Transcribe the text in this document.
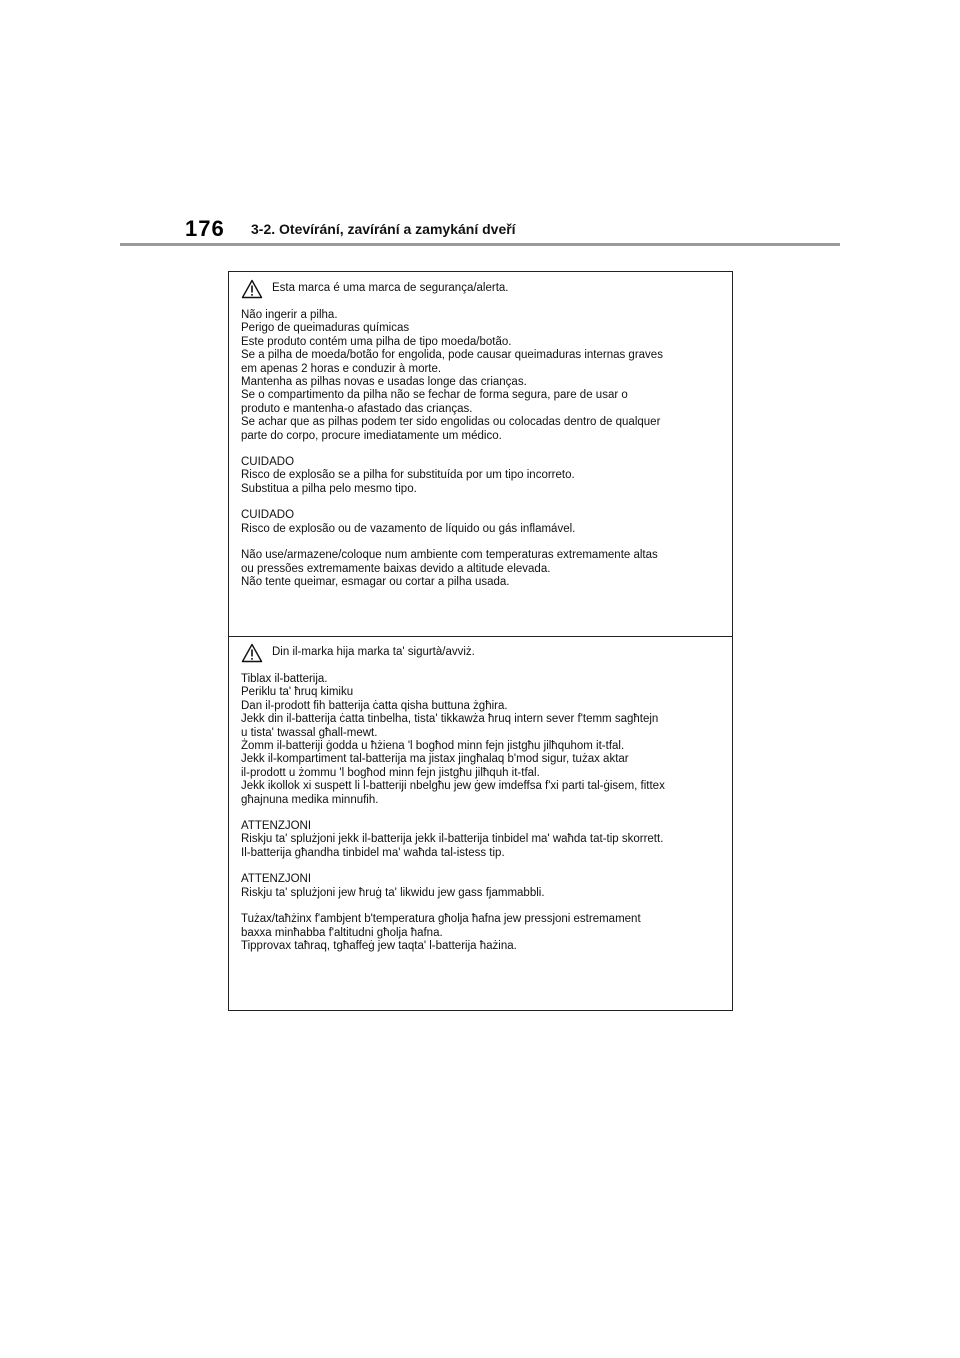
176	3-2. Otevírání, zavírání a zamykání dveří
Esta marca é uma marca de segurança/alerta.
Não ingerir a pilha.
Perigo de queimaduras químicas
Este produto contém uma pilha de tipo moeda/botão.
Se a pilha de moeda/botão for engolida, pode causar queimaduras internas graves
em apenas 2 horas e conduzir à morte.
Mantenha as pilhas novas e usadas longe das crianças.
Se o compartimento da pilha não se fechar de forma segura, pare de usar o
produto e mantenha-o afastado das crianças.
Se achar que as pilhas podem ter sido engolidas ou colocadas dentro de qualquer
parte do corpo, procure imediatamente um médico.
CUIDADO
Risco de explosão se a pilha for substituída por um tipo incorreto.
Substitua a pilha pelo mesmo tipo.
CUIDADO
Risco de explosão ou de vazamento de líquido ou gás inflamável.
Não use/armazene/coloque num ambiente com temperaturas extremamente altas
ou pressões extremamente baixas devido a altitude elevada.
Não tente queimar, esmagar ou cortar a pilha usada.
Din il-marka hija marka ta' sigurtà/avviż.
Tiblax il-batterija.
Periklu ta' ħruq kimiku
Dan il-prodott fih batterija ċatta qisha buttuna żgħira.
Jekk din il-batterija ċatta tinbelha, tista' tikkawża ħruq intern sever f'temm sagħtejn
u tista' twassal għall-mewt.
Żomm il-batteriji ġodda u ħżiena 'l bogħod minn fejn jistgħu jilħquhom it-tfal.
Jekk il-kompartiment tal-batterija ma jistax jingħalaq b'mod sigur, tużax aktar
il-prodott u żommu 'l bogħod minn fejn jistgħu jilħquh it-tfal.
Jekk ikollok xi suspett li l-batteriji nbelgħu jew ġew imdeffsa f'xi parti tal-ġisem, fittex
għajnuna medika minnufih.
ATTENZJONI
Riskju ta' splużjoni jekk il-batterija jekk il-batterija tinbidel ma' waħda tat-tip skorrett.
Il-batterija għandha tinbidel ma' waħda tal-istess tip.
ATTENZJONI
Riskju ta' splużjoni jew ħruġ ta' likwidu jew gass fjammabbli.
Tużax/taħżinx f'ambjent b'temperatura għolja ħafna jew pressjoni estremament
baxxa minħabba f'altitudni għolja ħafna.
Tipprovax taħraq, tgħaffeġ jew taqta' l-batterija ħażina.
